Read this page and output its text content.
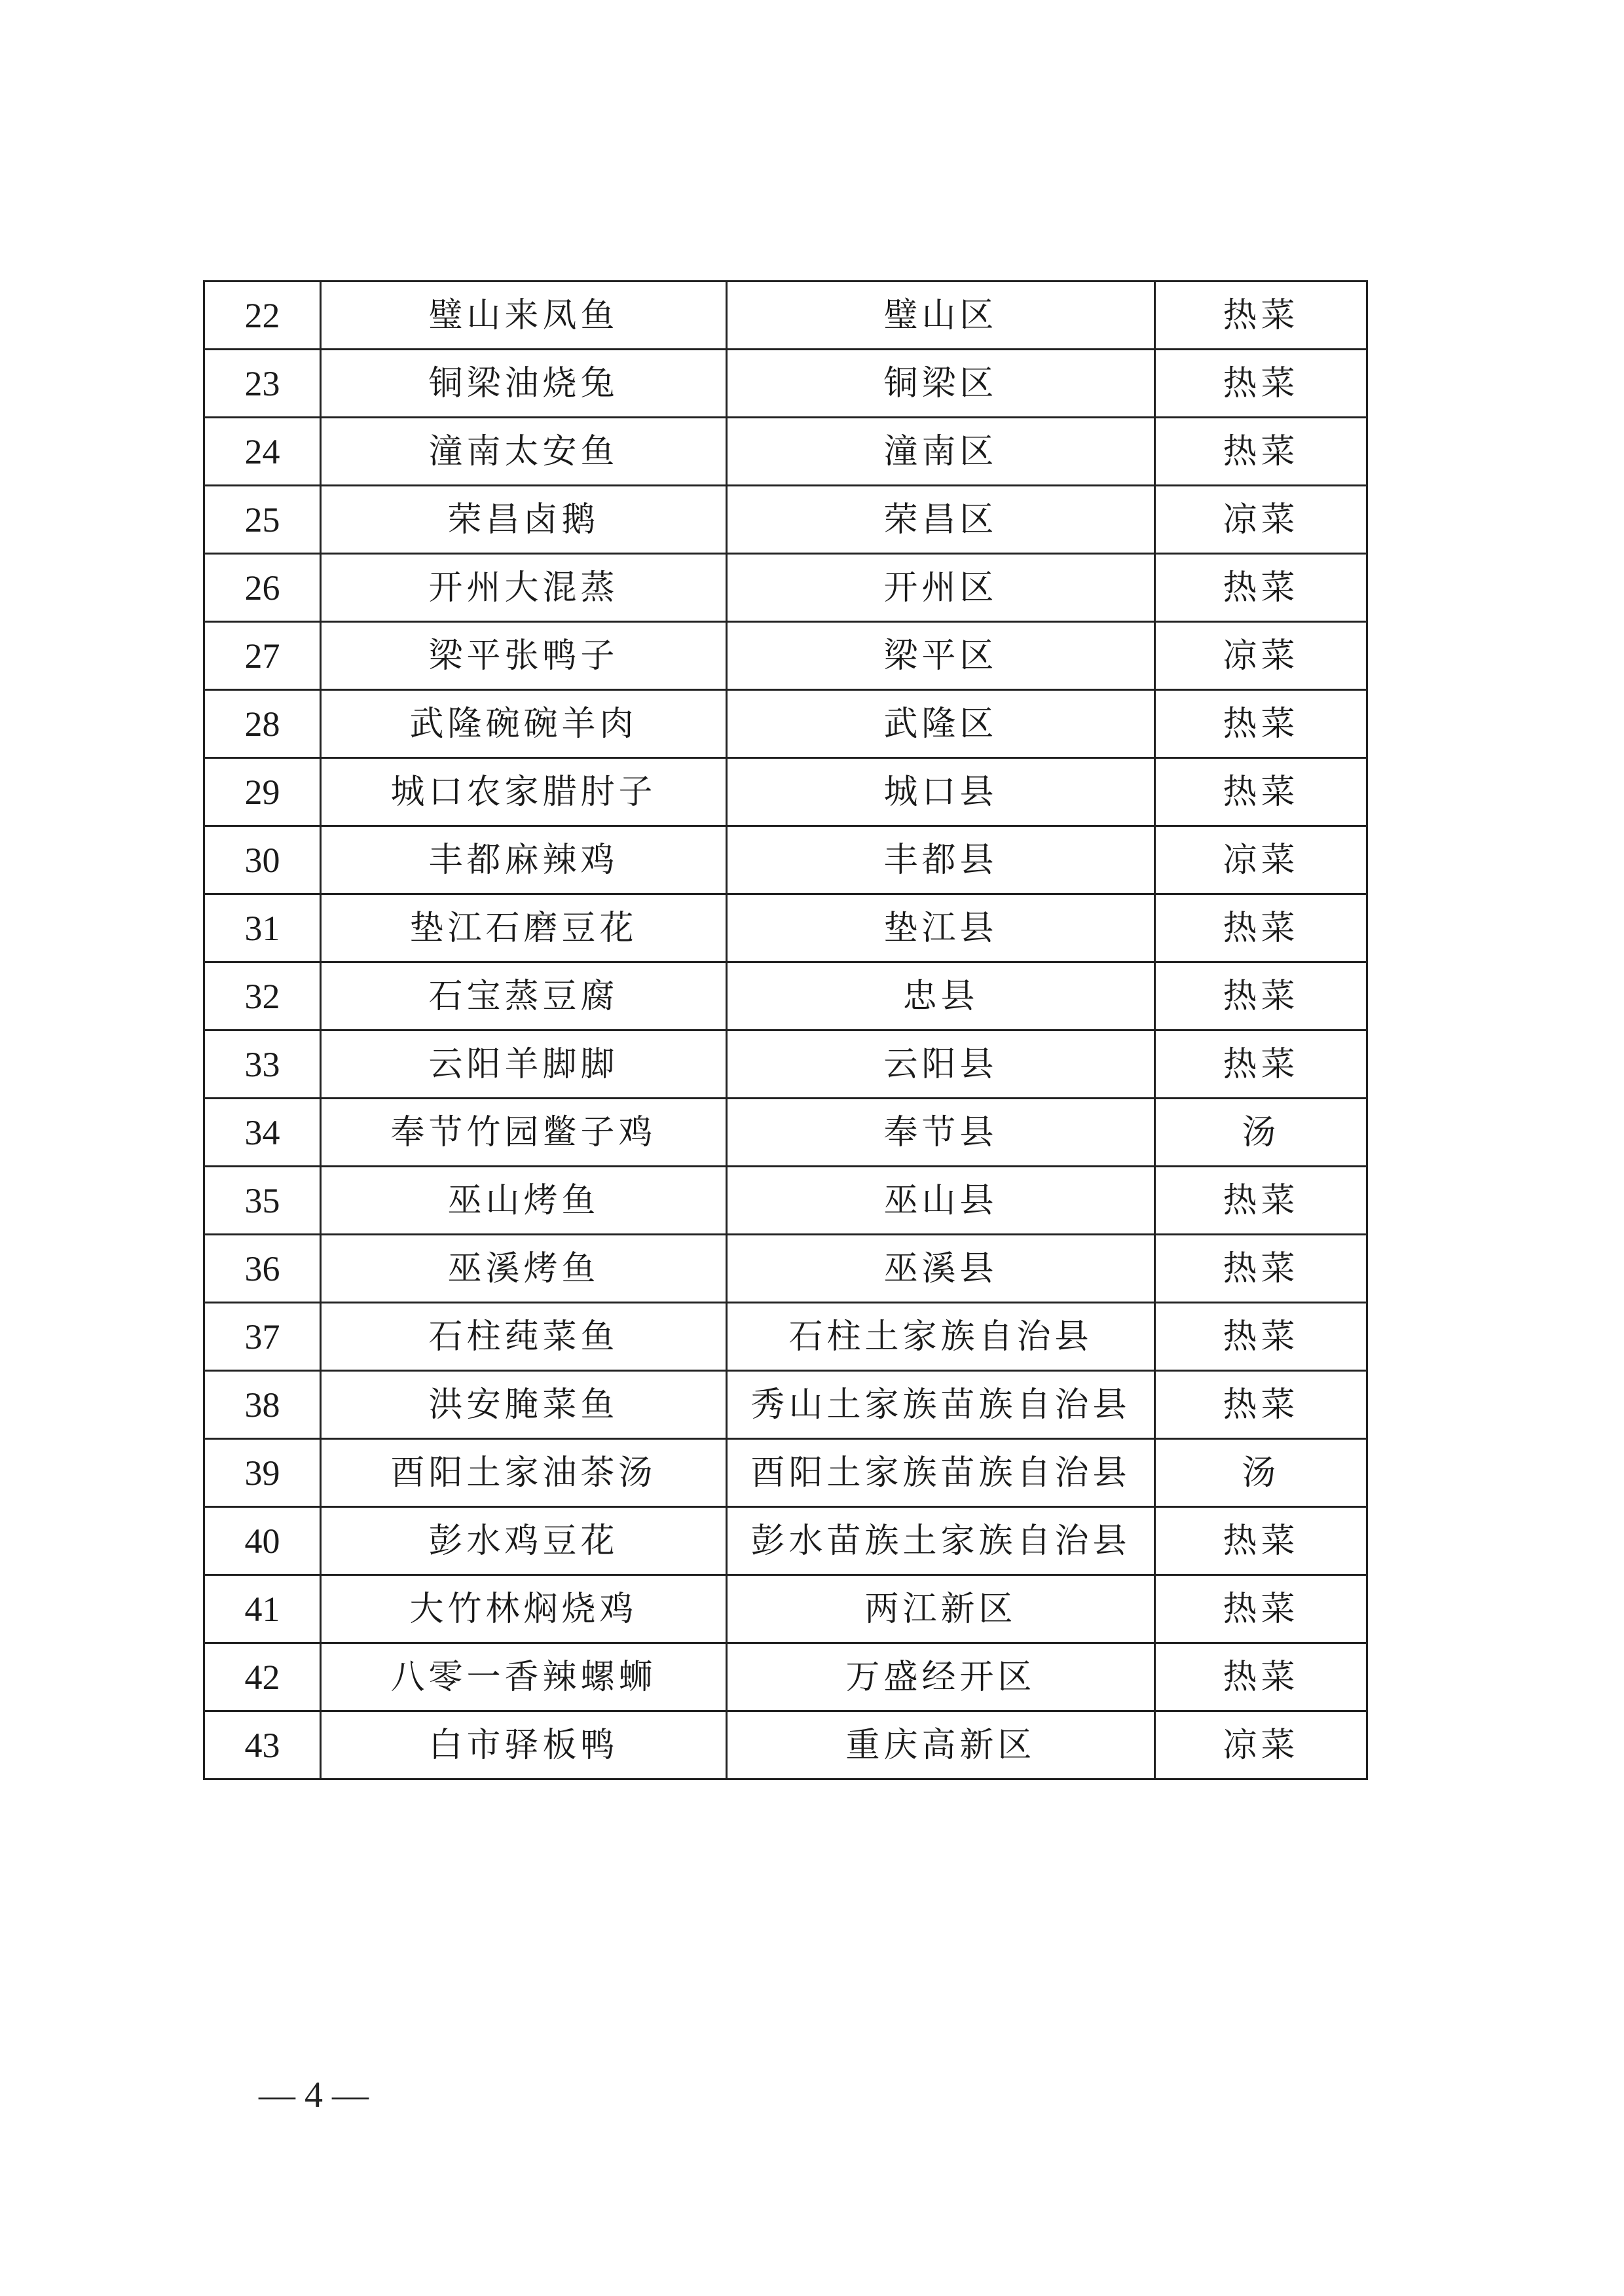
22	璧山来凤鱼	璧山区	热菜
23	铜梁油烧兔	铜梁区	热菜
24	潼南太安鱼	潼南区	热菜
25	荣昌卤鹅	荣昌区	凉菜
26	开州大混蒸	开州区	热菜
27	梁平张鸭子	梁平区	凉菜
28	武隆碗碗羊肉	武隆区	热菜
29	城口农家腊肘子	城口县	热菜
30	丰都麻辣鸡	丰都县	凉菜
31	垫江石磨豆花	垫江县	热菜
32	石宝蒸豆腐	忠县	热菜
33	云阳羊脚脚	云阳县	热菜
34	奉节竹园鳖子鸡	奉节县	汤
35	巫山烤鱼	巫山县	热菜
36	巫溪烤鱼	巫溪县	热菜
37	石柱莼菜鱼	石柱土家族自治县	热菜
38	洪安腌菜鱼	秀山土家族苗族自治县	热菜
39	酉阳土家油茶汤	酉阳土家族苗族自治县	汤
40	彭水鸡豆花	彭水苗族土家族自治县	热菜
41	大竹林焖烧鸡	两江新区	热菜
42	八零一香辣螺蛳	万盛经开区	热菜
43	白市驿板鸭	重庆高新区	凉菜
— 4 —
